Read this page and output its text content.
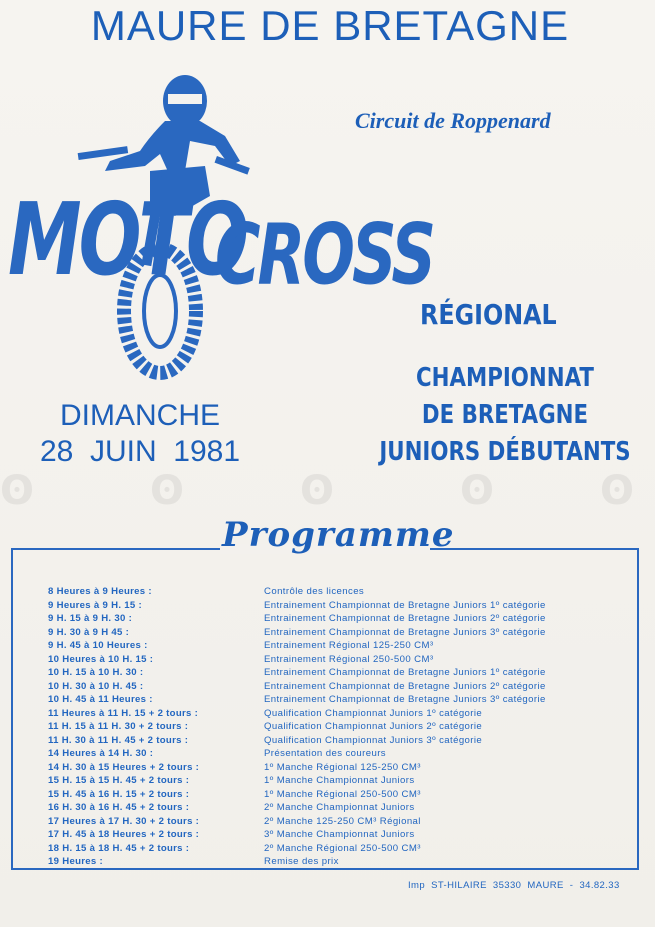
MAURE DE BRETAGNE
Circuit de Roppenard
ʘ	ʘ	ʘ	ʘ	ʘ
MOTO
CROSS
RÉGIONAL
CHAMPIONNAT
DE BRETAGNE
JUNIORS DÉBUTANTS
DIMANCHE
28  JUIN  1981
Programme
8 Heures à 9 Heures :	Contrôle des licences
9 Heures à 9 H. 15 :	Entrainement Championnat de Bretagne Juniors 1º catégorie
9 H. 15 à 9 H. 30 :	Entrainement Championnat de Bretagne Juniors 2º catégorie
9 H. 30 à 9 H 45 :	Entrainement Championnat de Bretagne Juniors 3º catégorie
9 H. 45 à 10 Heures :	Entrainement Régional 125-250 CM³
10 Heures à 10 H. 15 :	Entrainement Régional 250-500 CM³
10 H. 15 à 10 H. 30 :	Entrainement Championnat de Bretagne Juniors 1º catégorie
10 H. 30 à 10 H. 45 :	Entrainement Championnat de Bretagne Juniors 2º catégorie
10 H. 45 à 11 Heures :	Entrainement Championnat de Bretagne Juniors 3º catégorie
11 Heures à 11 H. 15 + 2 tours :	Qualification Championnat Juniors 1º catégorie
11 H. 15 à 11 H. 30 + 2 tours :	Qualification Championnat Juniors 2º catégorie
11 H. 30 à 11 H. 45 + 2 tours :	Qualification Championnat Juniors 3º catégorie
14 Heures à 14 H. 30 :	Présentation des coureurs
14 H. 30 à 15 Heures + 2 tours :	1º Manche Régional 125-250 CM³
15 H. 15 à 15 H. 45 + 2 tours :	1º Manche Championnat Juniors
15 H. 45 à 16 H. 15 + 2 tours :	1º Manche Régional 250-500 CM³
16 H. 30 à 16 H. 45 + 2 tours :	2º Manche Championnat Juniors
17 Heures à 17 H. 30 + 2 tours :	2º Manche 125-250 CM³ Régional
17 H. 45 à 18 Heures + 2 tours :	3º Manche Championnat Juniors
18 H. 15 à 18 H. 45 + 2 tours :	2º Manche Régional 250-500 CM³
19 Heures :	Remise des prix
Imp  ST-HILAIRE  35330  MAURE  -  34.82.33
